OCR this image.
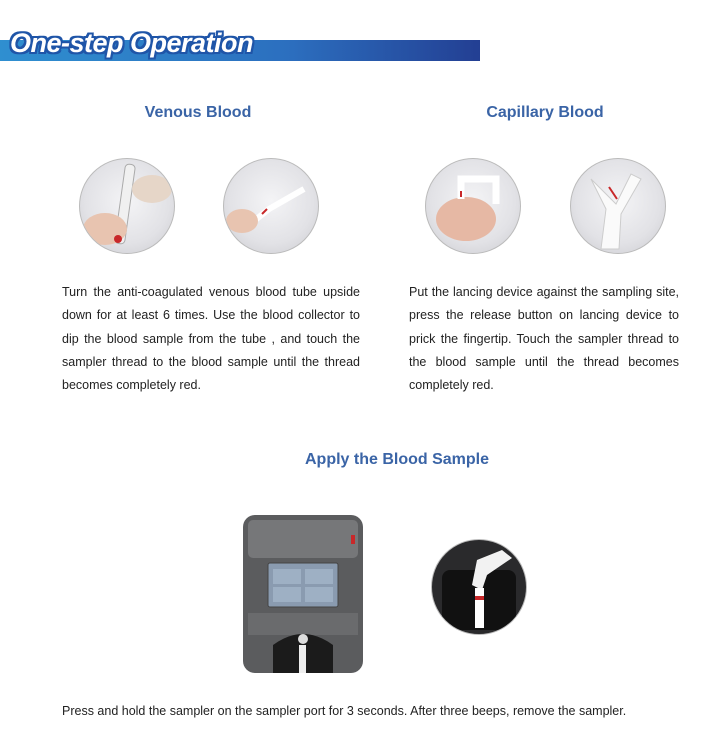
One-step Operation
Venous Blood	Capillary Blood
Turn the anti-coagulated venous blood tube upside down for at least 6 times. Use the blood collector to dip the blood sample from the tube , and touch the sampler thread to the blood sample until the thread becomes completely red.
Put the lancing device against the sampling site, press the release button on lancing device to prick the fingertip. Touch the sampler thread to the blood sample until the thread becomes completely red.
Apply the Blood Sample
Press and hold the sampler on the sampler port for 3 seconds. After three beeps, remove the sampler.
